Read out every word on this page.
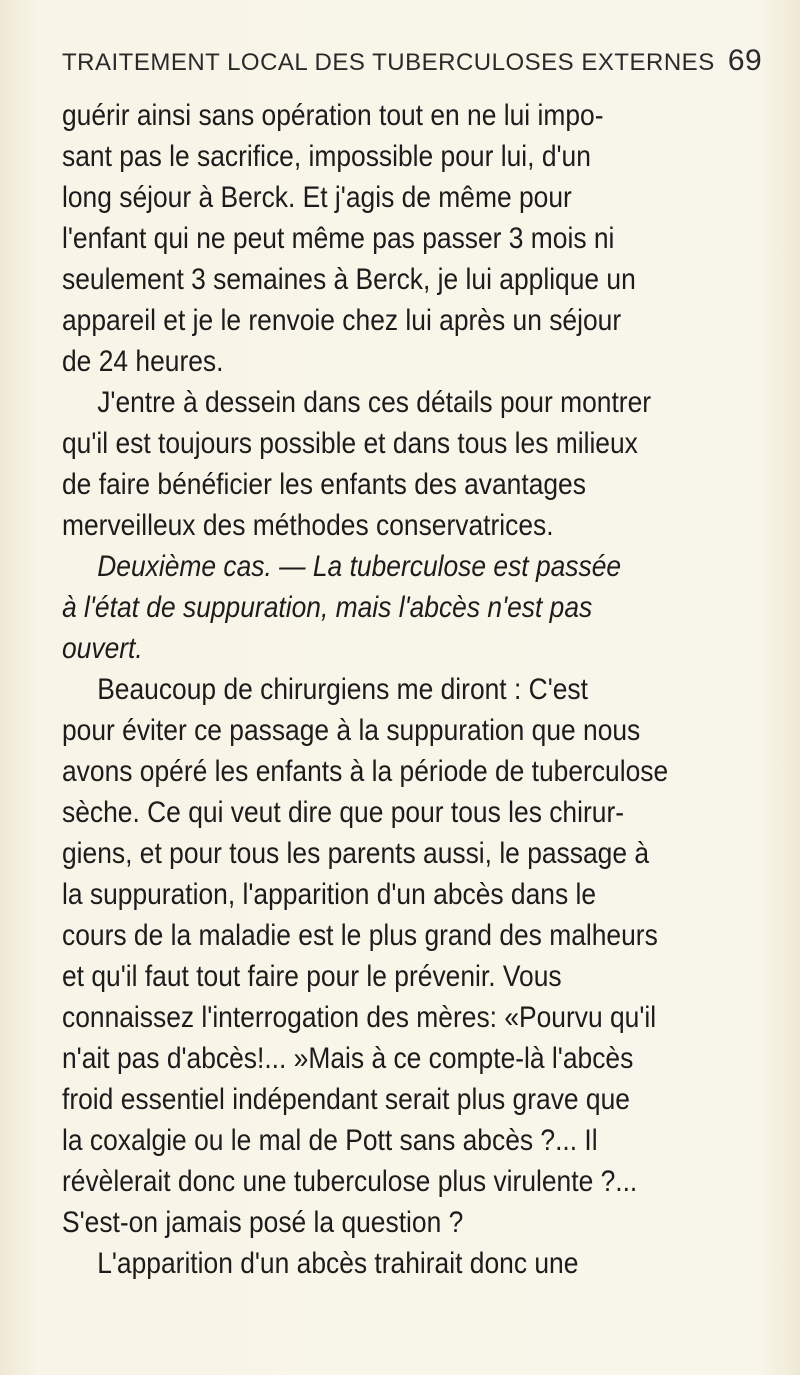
TRAITEMENT LOCAL DES TUBERCULOSES EXTERNES 69
guérir ainsi sans opération tout en ne lui impo-
sant pas le sacrifice, impossible pour lui, d'un
long séjour à Berck. Et j'agis de même pour
l'enfant qui ne peut même pas passer 3 mois ni
seulement 3 semaines à Berck, je lui applique un
appareil et je le renvoie chez lui après un séjour
de 24 heures.
J'entre à dessein dans ces détails pour montrer
qu'il est toujours possible et dans tous les milieux
de faire bénéficier les enfants des avantages
merveilleux des méthodes conservatrices.
Deuxième cas. — La tuberculose est passée
à l'état de suppuration, mais l'abcès n'est pas
ouvert.
Beaucoup de chirurgiens me diront : C'est
pour éviter ce passage à la suppuration que nous
avons opéré les enfants à la période de tuberculose
sèche. Ce qui veut dire que pour tous les chirur-
giens, et pour tous les parents aussi, le passage à
la suppuration, l'apparition d'un abcès dans le
cours de la maladie est le plus grand des malheurs
et qu'il faut tout faire pour le prévenir. Vous
connaissez l'interrogation des mères: «Pourvu qu'il
n'ait pas d'abcès!... »Mais à ce compte-là l'abcès
froid essentiel indépendant serait plus grave que
la coxalgie ou le mal de Pott sans abcès ?... Il
révèlerait donc une tuberculose plus virulente ?...
S'est-on jamais posé la question ?
L'apparition d'un abcès trahirait donc une
